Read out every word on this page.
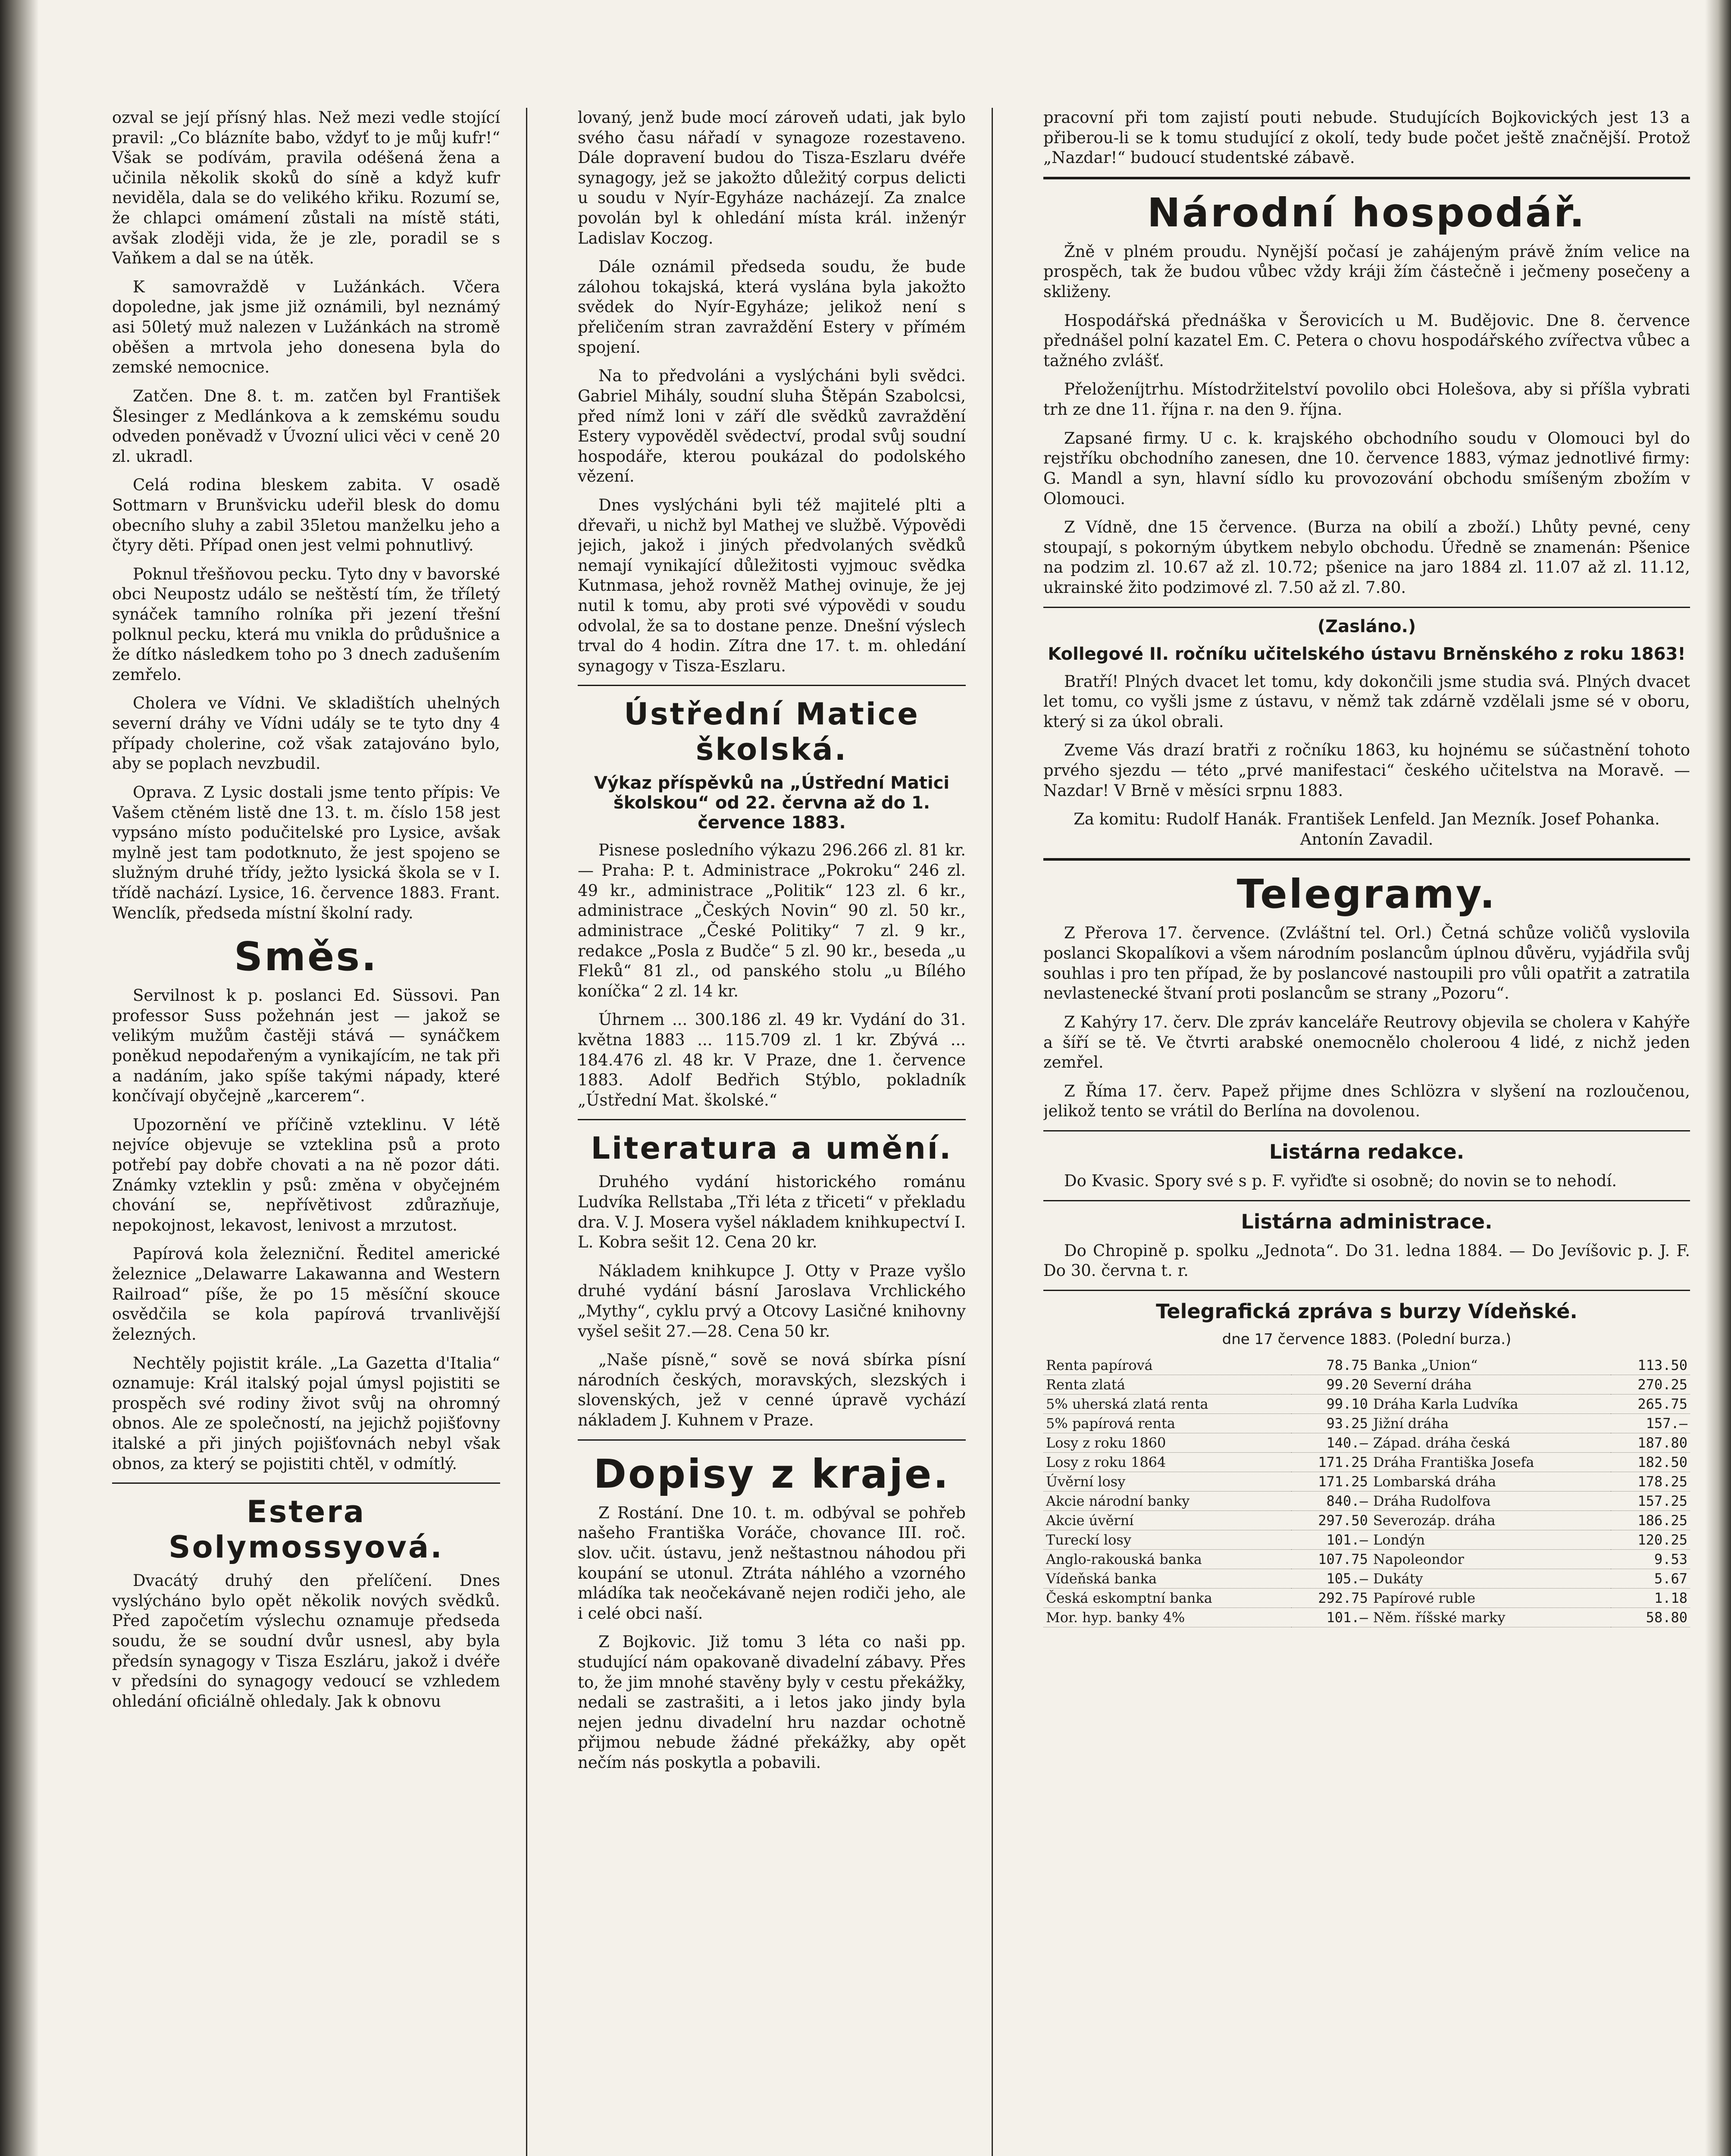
ozval se její přísný hlas. Než mezi vedle stojící pravil: „Co blázníte babo, vždyť to je můj kufr!“ Však se podívám, pravila odéšená žena a učinila několik skoků do síně a když kufr neviděla, dala se do velikého křiku. Rozumí se, že chlapci omámení zůstali na místě státi, avšak zloději vida, že je zle, poradil se s Vaňkem a dal se na útěk.

K samovraždě v Lužánkách. Včera dopoledne, jak jsme již oznámili, byl neznámý asi 50letý muž nalezen v Lužánkách na stromě oběšen a mrtvola jeho donesena byla do zemské nemocnice.

Zatčen. Dne 8. t. m. zatčen byl František Šlesinger z Medlánkova a k zemskému soudu odveden poněvadž v Úvozní ulici věci v ceně 20 zl. ukradl.

Celá rodina bleskem zabita. V osadě Sottmarn v Brunšvicku udeřil blesk do domu obecního sluhy a zabil 35letou manželku jeho a čtyry děti. Případ onen jest velmi pohnutlivý.

Poknul třešňovou pecku. Tyto dny v bavorské obci Neupostz událo se neštěstí tím, že tříletý synáček tamního rolníka při jezení třešní polknul pecku, která mu vnikla do průdušnice a že dítko následkem toho po 3 dnech zadušením zemřelo.

Cholera ve Vídni. Ve skladištích uhelných severní dráhy ve Vídni udály se te tyto dny 4 případy cholerine, což však zatajováno bylo, aby se poplach nevzbudil.

Oprava. Z Lysic dostali jsme tento přípis: Ve Vašem ctěném listě dne 13. t. m. číslo 158 jest vypsáno místo podučitelské pro Lysice, avšak mylně jest tam podotknuto, že jest spojeno se služným druhé třídy, ježto lysická škola se v I. třídě nachází. Lysice, 16. července 1883. Frant. Wenclík, předseda místní školní rady.

Směs.

Servilnost k p. poslanci Ed. Süssovi. Pan professor Suss požehnán jest — jakož se velikým mužům častěji stává — synáčkem poněkud nepodařeným a vynikajícím, ne tak při a nadáním, jako spíše takými nápady, které končívají obyčejně „karcerem“.

Upozornění ve příčině vzteklinu. V létě nejvíce objevuje se vzteklina psů a proto potřebí pay dobře chovati a na ně pozor dáti. Známky vzteklin y psů: změna v obyčejném chování se, nepřívětivost zdůrazňuje, nepokojnost, lekavost, lenivost a mrzutost.

Papírová kola železniční. Ředitel americké železnice „Delawarre Lakawanna and Western Railroad“ píše, že po 15 měsíční skouce osvědčila se kola papírová trvanlivější železných.

Nechtěly pojistit krále. „La Gazetta d'Italia“ oznamuje: Král italský pojal úmysl pojistiti se prospěch své rodiny život svůj na ohromný obnos. Ale ze společností, na jejichž pojišťovny italské a při jiných pojišťovnách nebyl však obnos, za který se pojistiti chtěl, v odmítlý.

Estera Solymossyová.

Dvacátý druhý den přelíčení. Dnes vyslýcháno bylo opět několik nových svědků. Před započetím výslechu oznamuje předseda soudu, že se soudní dvůr usnesl, aby byla předsín synagogy v Tisza Eszláru, jakož i dvéře v předsíni do synagogy vedoucí se vzhledem ohledání oficiálně ohledaly. Jak k obnovu

lovaný, jenž bude mocí zároveň udati, jak bylo svého času nářadí v synagoze rozestaveno. Dále dopravení budou do Tisza-Eszlaru dvéře synagogy, jež se jakožto důležitý corpus delicti u soudu v Nyír-Egyháze nacházejí. Za znalce povolán byl k ohledání místa král. inženýr Ladislav Koczog.

Dále oznámil předseda soudu, že bude zálohou tokajská, která vyslána byla jakožto svědek do Nyír-Egyháze; jelikož není s přeličením stran zavraždění Estery v přímém spojení.

Na to předvoláni a vyslýcháni byli svědci. Gabriel Mihály, soudní sluha Štěpán Szabolcsi, před nímž loni v září dle svědků zavraždění Estery vypověděl svědectví, prodal svůj soudní hospodáře, kterou poukázal do podolského vězení.

Dnes vyslýcháni byli též majitelé plti a dřevaři, u nichž byl Mathej ve službě. Výpovědi jejich, jakož i jiných předvolaných svědků nemají vynikající důležitosti vyjmouc svědka Kutnmasa, jehož rovněž Mathej ovinuje, že jej nutil k tomu, aby proti své výpovědi v soudu odvolal, že sa to dostane penze. Dnešní výslech trval do 4 hodin. Zítra dne 17. t. m. ohledání synagogy v Tisza-Eszlaru.

Ústřední Matice školská.
Výkaz příspěvků na „Ústřední Matici školskou“ od 22. června až do 1. července 1883.

Pisnese posledního výkazu 296.266 zl. 81 kr. — Praha: P. t. Administrace „Pokroku“ 246 zl. 49 kr., administrace „Politik“ 123 zl. 6 kr., administrace „Českých Novin“ 90 zl. 50 kr., administrace „České Politiky“ 7 zl. 9 kr., redakce „Posla z Budče“ 5 zl. 90 kr., beseda „u Fleků“ 81 zl., od panského stolu „u Bílého koníčka“ 2 zl. 14 kr.

Úhrnem ... 300.186 zl. 49 kr. Vydání do 31. května 1883 ... 115.709 zl. 1 kr. Zbývá ... 184.476 zl. 48 kr. V Praze, dne 1. července 1883. Adolf Bedřich Stýblo, pokladník „Ústřední Mat. školské.“

Literatura a umění.

Druhého vydání historického románu Ludvíka Rellstaba „Tři léta z třiceti“ v překladu dra. V. J. Mosera vyšel nákladem knihkupectví I. L. Kobra sešit 12. Cena 20 kr.

Nákladem knihkupce J. Otty v Praze vyšlo druhé vydání básní Jaroslava Vrchlického „Mythy“, cyklu prvý a Otcovy Lasičné knihovny vyšel sešit 27.—28. Cena 50 kr.

„Naše písně,“ sově se nová sbírka písní národních českých, moravských, slezských i slovenských, jež v cenné úpravě vychází nákladem J. Kuhnem v Praze.

Dopisy z kraje.

Z Rostání. Dne 10. t. m. odbýval se pohřeb našeho Františka Voráče, chovance III. roč. slov. učit. ústavu, jenž neštastnou náhodou při koupání se utonul. Ztráta náhlého a vzorného mládíka tak neočekávaně nejen rodiči jeho, ale i celé obci naší.

Z Bojkovic. Již tomu 3 léta co naši pp. studující nám opakovaně divadelní zábavy. Přes to, že jim mnohé stavěny byly v cestu překážky, nedali se zastrašiti, a i letos jako jindy byla nejen jednu divadelní hru nazdar ochotně přijmou nebude žádné překážky, aby opět nečím nás poskytla a pobavili.

pracovní při tom zajistí pouti nebude. Studujících Bojkovických jest 13 a přiberou-li se k tomu studující z okolí, tedy bude počet ještě značnější. Protož „Nazdar!“ budoucí studentské zábavě.

Národní hospodář.

Žně v plném proudu. Nynější počasí je zahájeným právě žním velice na prospěch, tak že budou vůbec vždy kráji žím částečně i ječmeny posečeny a skliženy.

Hospodářská přednáška v Šerovicích u M. Budějovic. Dne 8. července přednášel polní kazatel Em. C. Petera o chovu hospodářského zvířectva vůbec a tažného zvlášť.

Přeloženíjtrhu. Místodržitelství povolilo obci Holešova, aby si příšla vybrati trh ze dne 11. října r. na den 9. října.

Zapsané firmy. U c. k. krajského obchodního soudu v Olomouci byl do rejstříku obchodního zanesen, dne 10. července 1883, výmaz jednotlivé firmy: G. Mandl a syn, hlavní sídlo ku provozování obchodu smíšeným zbožím v Olomouci.

Z Vídně, dne 15 července. (Burza na obilí a zboží.) Lhůty pevné, ceny stoupají, s pokorným úbytkem nebylo obchodu. Úředně se znamenán: Pšenice na podzim zl. 10.67 až zl. 10.72; pšenice na jaro 1884 zl. 11.07 až zl. 11.12, ukrainské žito podzimové zl. 7.50 až zl. 7.80.

(Zasláno.)
Kollegové II. ročníku učitelského ústavu Brněnského z roku 1863!

Bratří! Plných dvacet let tomu, kdy dokončili jsme studia svá. Plných dvacet let tomu, co vyšli jsme z ústavu, v němž tak zdárně vzdělali jsme sé v oboru, který si za úkol obrali.

Zveme Vás drazí bratři z ročníku 1863, ku hojnému se súčastnění tohoto prvého sjezdu — této „prvé manifestaci“ českého učitelstva na Moravě. — Nazdar! V Brně v měsíci srpnu 1883.

Za komitu: Rudolf Hanák. František Lenfeld. Jan Mezník. Josef Pohanka. Antonín Zavadil.

Telegramy.

Z Přerova 17. července. (Zvláštní tel. Orl.) Četná schůze voličů vyslovila poslanci Skopalíkovi a všem národním poslancům úplnou důvěru, vyjádřila svůj souhlas i pro ten případ, že by poslancové nastoupili pro vůli opatřit a zatratila nevlastenecké štvaní proti poslancům se strany „Pozoru“.

Z Kahýry 17. červ. Dle zpráv kanceláře Reutrovy objevila se cholera v Kahýře a šíří se tě. Ve čtvrti arabské onemocnělo choleroou 4 lidé, z nichž jeden zemřel.

Z Říma 17. červ. Papež přijme dnes Schlözra v slyšení na rozloučenou, jelikož tento se vrátil do Berlína na dovolenou.

Listárna redakce.

Do Kvasic. Spory své s p. F. vyřiďte si osobně; do novin se to nehodí.

Listárna administrace.

Do Chropině p. spolku „Jednota“. Do 31. ledna 1884. — Do Jevíšovic p. J. F. Do 30. června t. r.

Telegrafická zpráva s burzy Vídeňské.
dne 17 července 1883. (Polední burza.)
Renta papírová	78.75	Banka „Union“	113.50
Renta zlatá	99.20	Severní dráha	270.25
5% uherská zlatá renta	99.10	Dráha Karla Ludvíka	265.75
5% papírová renta	93.25	Jižní dráha	157.—
Losy z roku 1860	140.—	Západ. dráha česká	187.80
Losy z roku 1864	171.25	Dráha Františka Josefa	182.50
Úvěrní losy	171.25	Lombarská dráha	178.25
Akcie národní banky	840.—	Dráha Rudolfova	157.25
Akcie úvěrní	297.50	Severozáp. dráha	186.25
Tureckí losy	101.—	Londýn	120.25
Anglo-rakouská banka	107.75	Napoleondor	9.53
Vídeňská banka	105.—	Dukáty	5.67
Česká eskomptní banka	292.75	Papírové ruble	1.18
Mor. hyp. banky 4%	101.—	Něm. říšské marky	58.80
